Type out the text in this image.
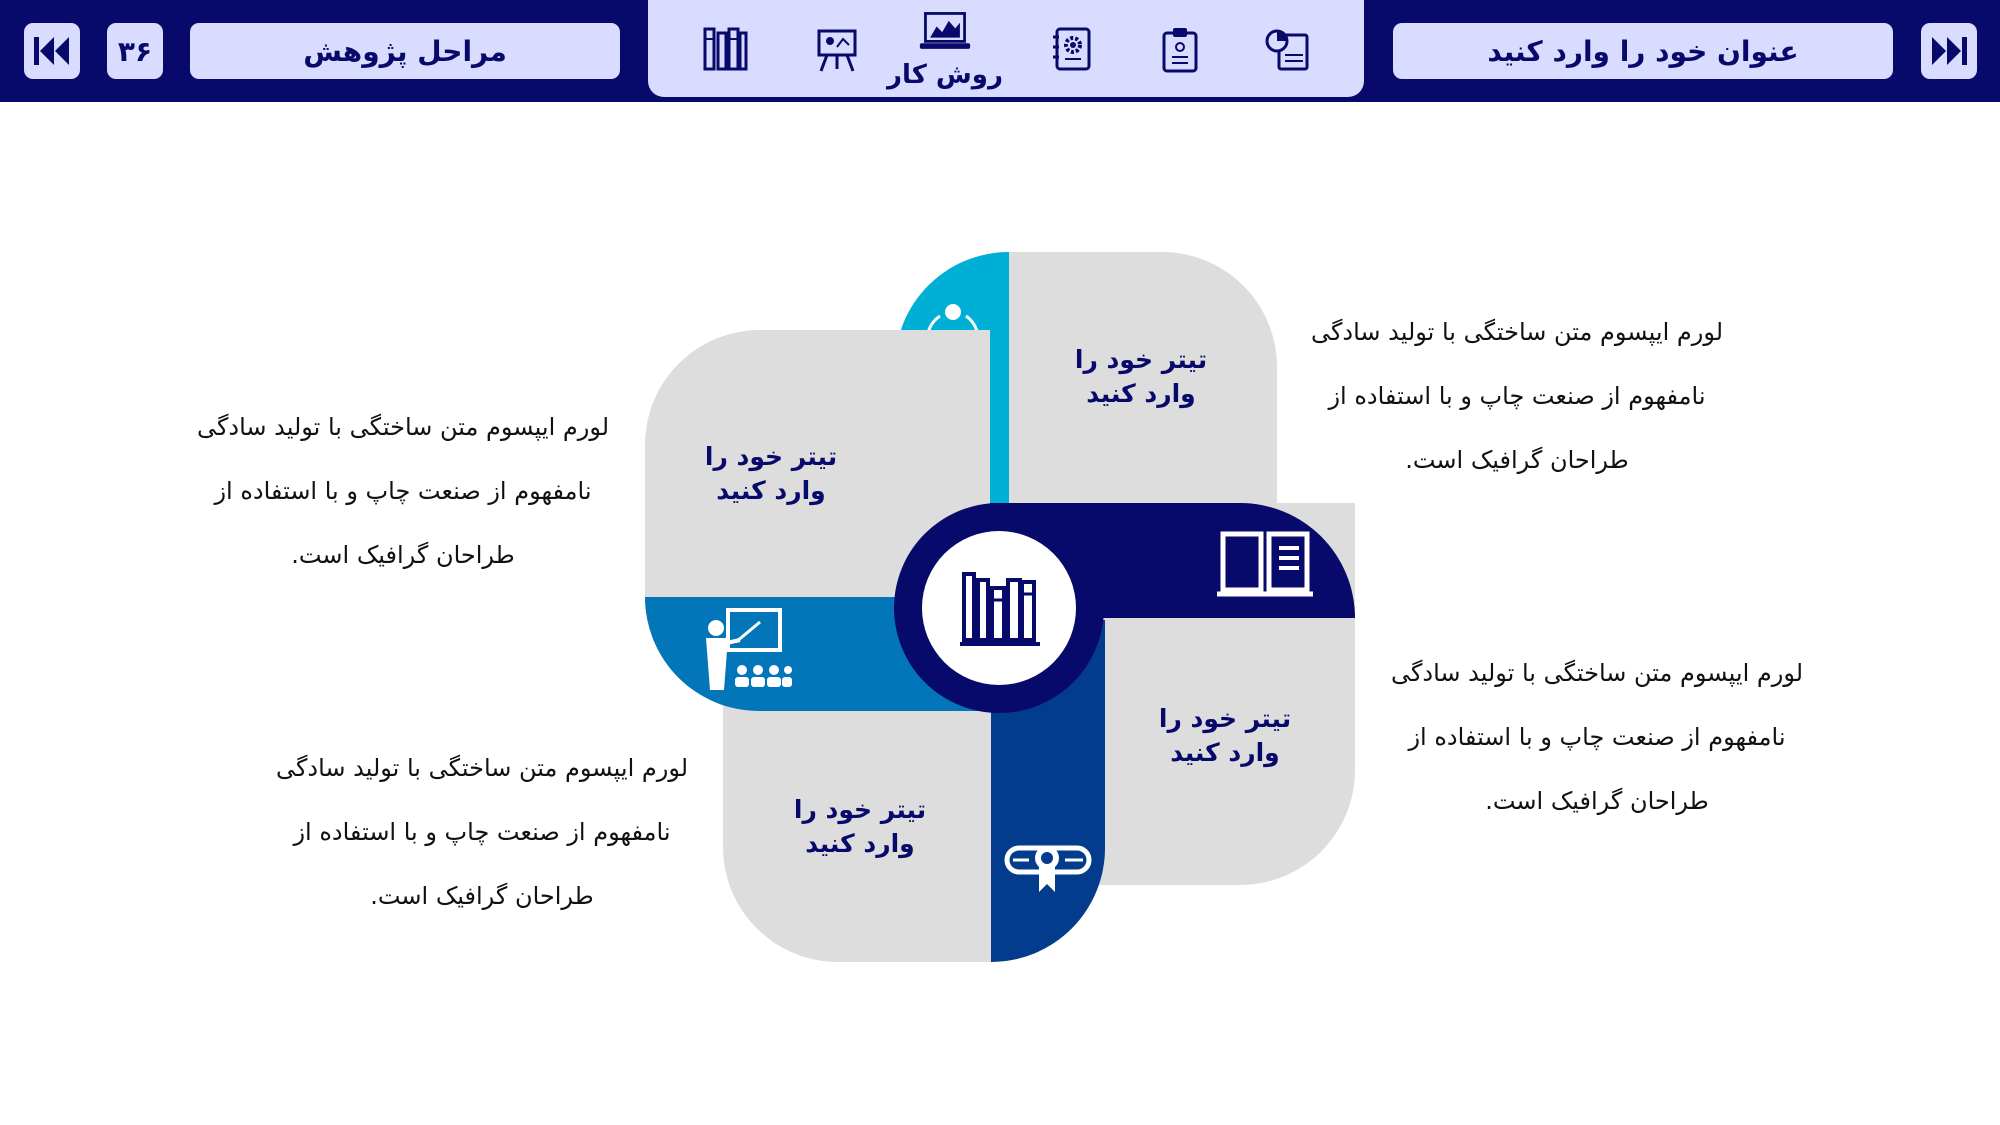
۳۶	مراحل پژوهش
روش کار
عنوان خود را وارد کنید
تیتر خود را وارد کنید
تیتر خود را وارد کنید
تیتر خود را وارد کنید
تیتر خود را وارد کنید
لورم ایپسوم متن ساختگی با تولید سادگی
نامفهوم از صنعت چاپ و با استفاده از
طراحان گرافیک است.
لورم ایپسوم متن ساختگی با تولید سادگی
نامفهوم از صنعت چاپ و با استفاده از
طراحان گرافیک است.
لورم ایپسوم متن ساختگی با تولید سادگی
نامفهوم از صنعت چاپ و با استفاده از
طراحان گرافیک است.
لورم ایپسوم متن ساختگی با تولید سادگی
نامفهوم از صنعت چاپ و با استفاده از
طراحان گرافیک است.
